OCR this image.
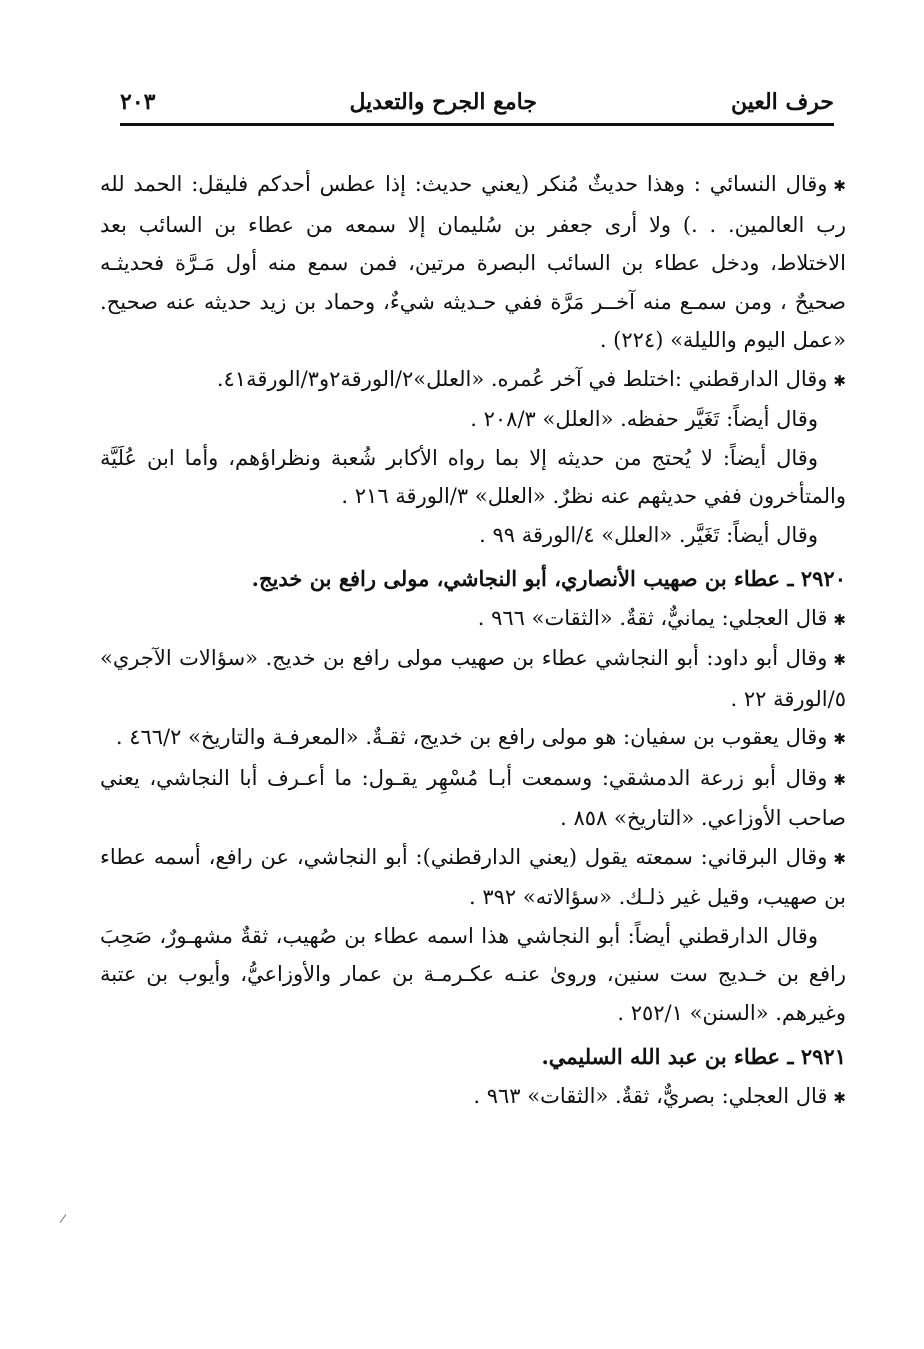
حرف العين
جامع الجرح والتعديل
٢٠٣

✱ وقال النسائي : وهذا حديثٌ مُنكر (يعني حديث: إذا عطس أحدكم فليقل: الحمد لله رب العالمين. . .) ولا أرى جعفر بن سُليمان إلا سمعه من عطاء بن السائب بعد الاختلاط، ودخل عطاء بن السائب البصرة مرتين، فمن سمع منه أول مَـرَّة فحديثـه صحيحٌ ، ومن سمـع منه آخــر مَرَّة ففي حـديثه شيءٌ، وحماد بن زيد حديثه عنه صحيح. «عمل اليوم والليلة» (٢٢٤) .

✱ وقال الدارقطني :اختلط في آخر عُمره. «العلل»٢/الورقة٢و٣/الورقة٤١.

وقال أيضاً: تَغَيَّر حفظه. «العلل» ٢٠٨/٣ .

وقال أيضاً: لا يُحتج من حديثه إلا بما رواه الأكابر شُعبة ونظراؤهم، وأما ابن عُلَيَّة والمتأخرون ففي حديثهم عنه نظرٌ. «العلل» ٣/الورقة ٢١٦ .

وقال أيضاً: تَغَيَّر. «العلل» ٤/الورقة ٩٩ .

٢٩٢٠ ـ عطاء بن صهيب الأنصاري، أبو النجاشي، مولى رافع بن خديج.

✱ قال العجلي: يمانيٌّ، ثقةٌ. «الثقات» ٩٦٦ .

✱ وقال أبو داود: أبو النجاشي عطاء بن صهيب مولى رافع بن خديج. «سؤالات الآجري» ٥/الورقة ٢٢ .

✱ وقال يعقوب بن سفيان: هو مولى رافع بن خديج، ثقـةٌ. «المعرفـة والتاريخ» ٤٦٦/٢ .

✱ وقال أبو زرعة الدمشقي: وسمعت أبـا مُسْهِر يقـول: ما أعـرف أبا النجاشي، يعني صاحب الأوزاعي. «التاريخ» ٨٥٨ .

✱ وقال البرقاني: سمعته يقول (يعني الدارقطني): أبو النجاشي، عن رافع، أسمه عطاء بن صهيب، وقيل غير ذلـك. «سؤالاته» ٣٩٢ .

وقال الدارقطني أيضاً: أبو النجاشي هذا اسمه عطاء بن صُهيب، ثقةٌ مشهـورٌ، صَحِبَ رافع بن خـديج ست سنين، وروىٰ عنـه عكـرمـة بن عمار والأوزاعيُّ، وأيوب بن عتبة وغيرهم. «السنن» ٢٥٢/١ .

٢٩٢١ ـ عطاء بن عبد الله السليمي.

✱ قال العجلي: بصريٌّ، ثقةٌ. «الثقات» ٩٦٣ .
